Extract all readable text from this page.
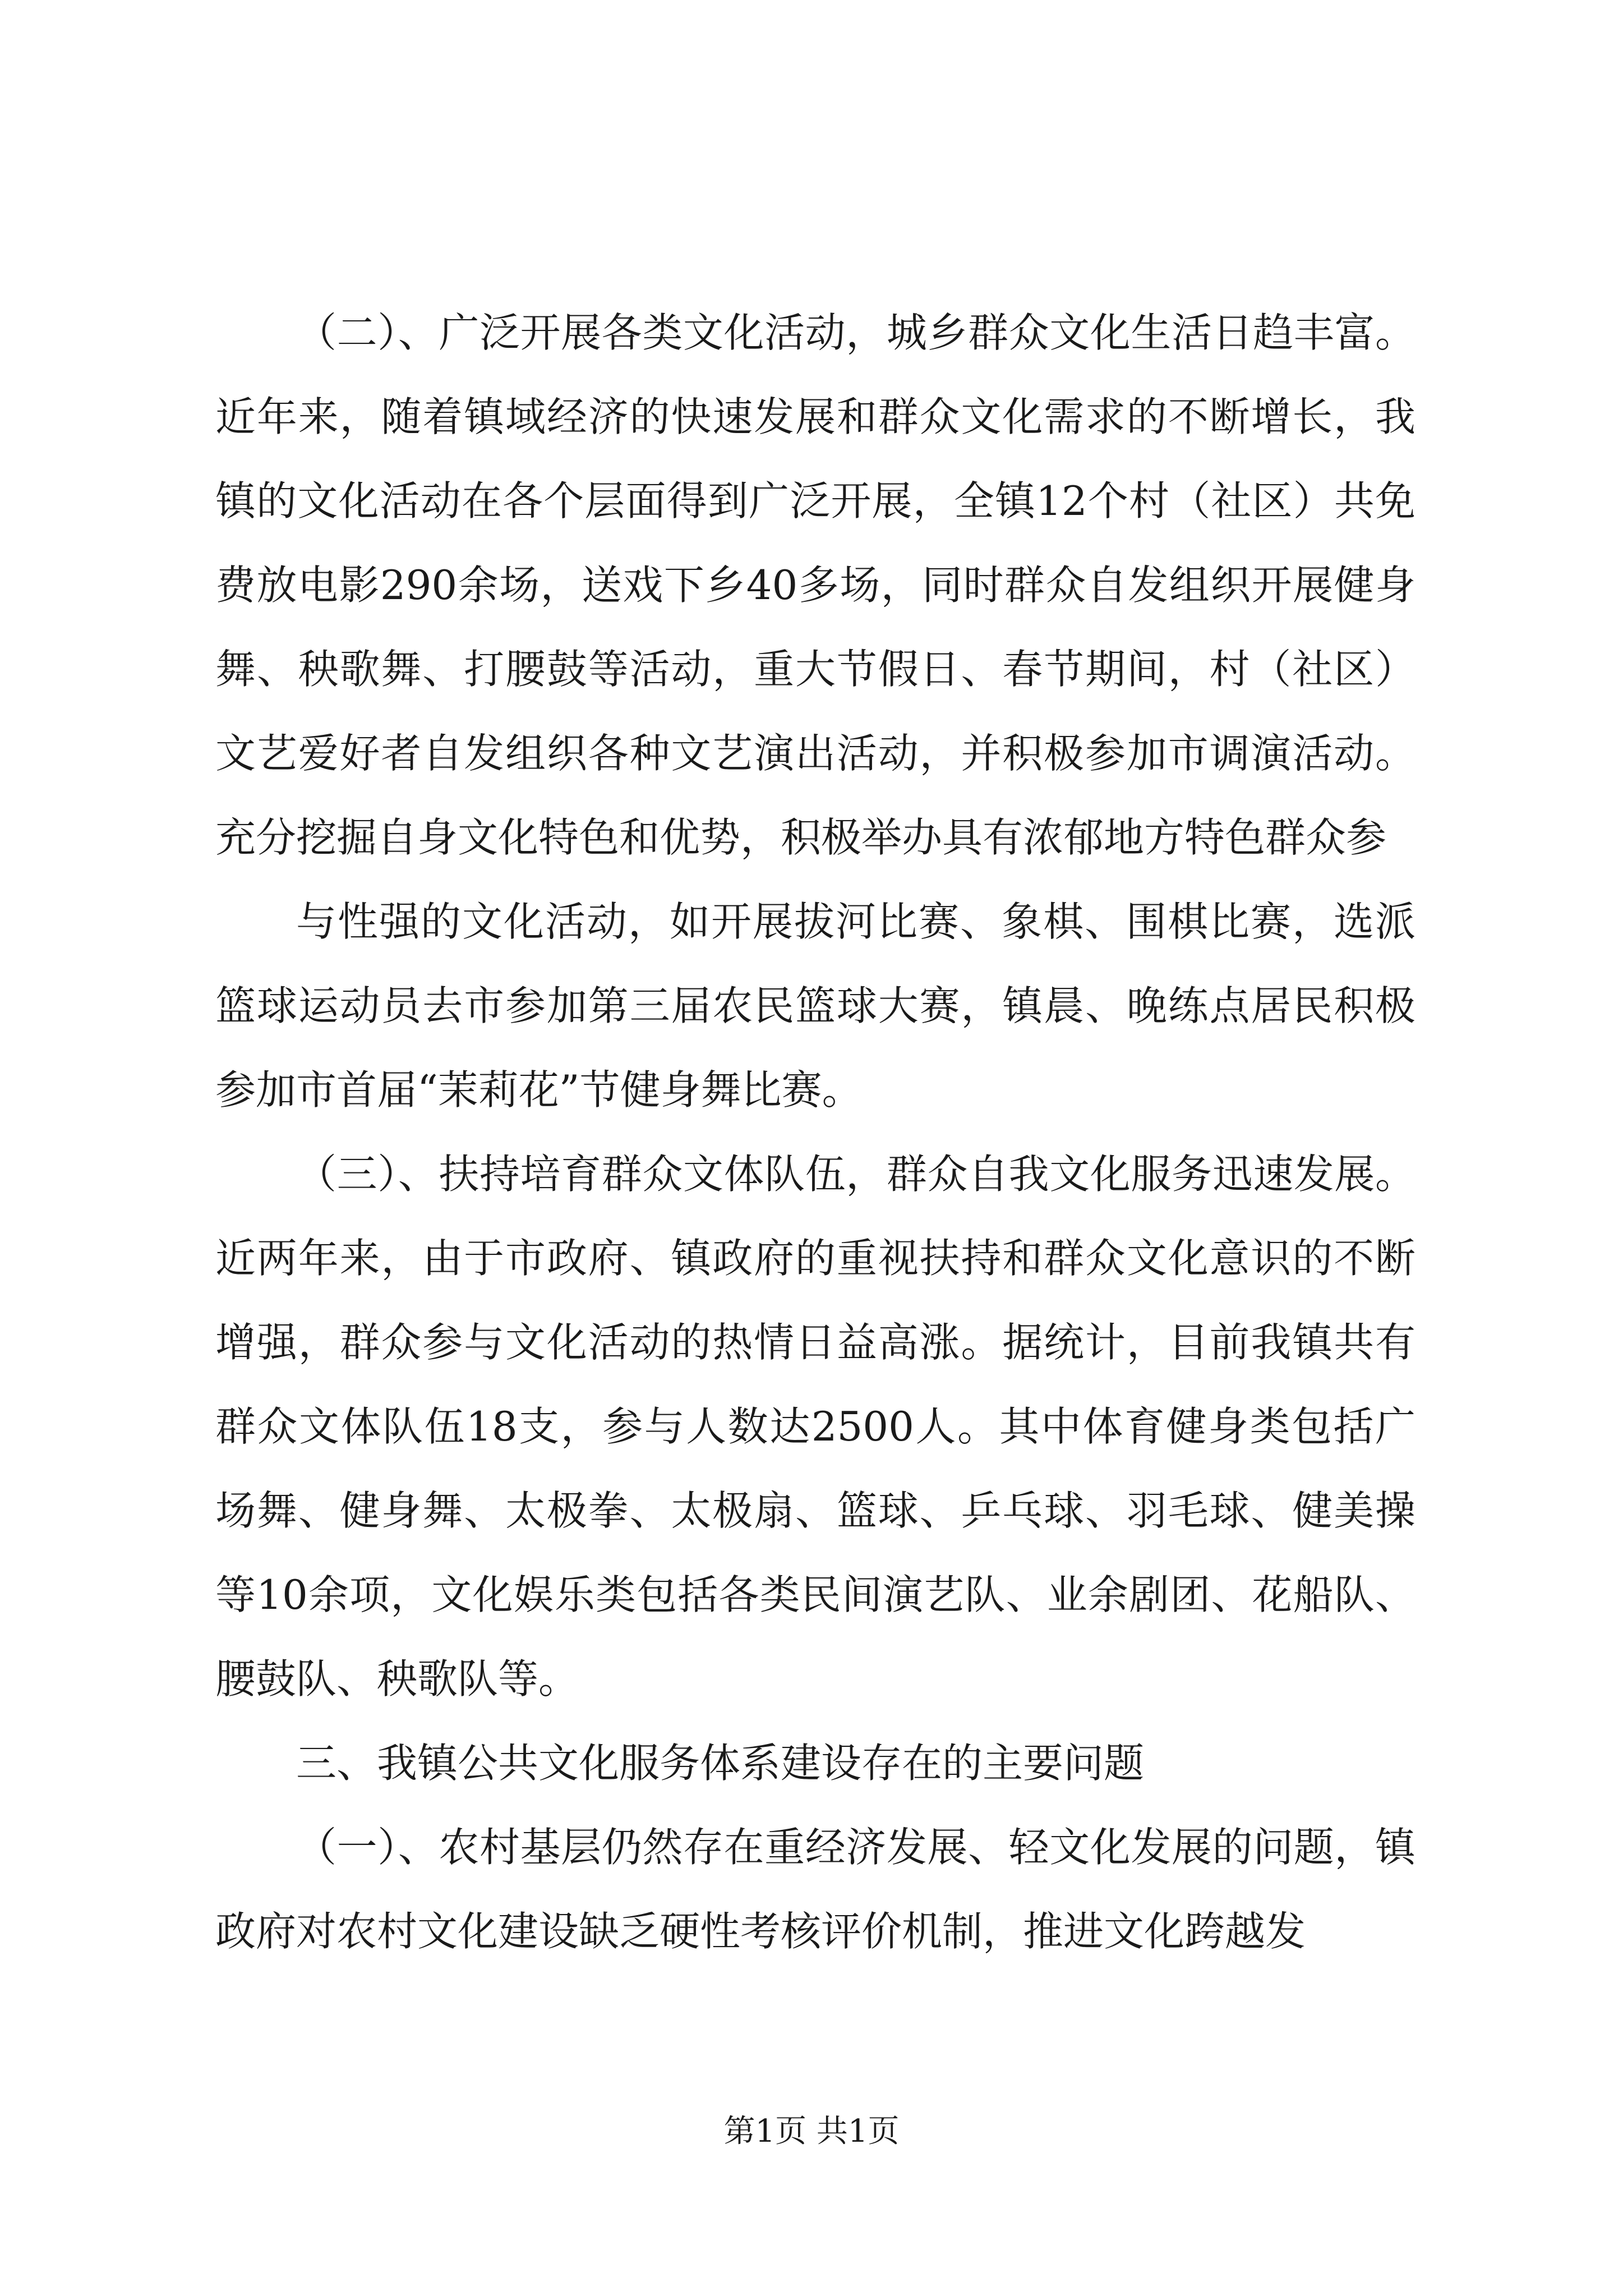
（二）、广泛开展各类文化活动，城乡群众文化生活日趋丰富。近年来，随着镇域经济的快速发展和群众文化需求的不断增长，我镇的文化活动在各个层面得到广泛开展，全镇12个村（社区）共免费放电影290余场，送戏下乡40多场，同时群众自发组织开展健身舞、秧歌舞、打腰鼓等活动，重大节假日、春节期间，村（社区）文艺爱好者自发组织各种文艺演出活动，并积极参加市调演活动。充分挖掘自身文化特色和优势，积极举办具有浓郁地方特色群众参

与性强的文化活动，如开展拔河比赛、象棋、围棋比赛，选派篮球运动员去市参加第三届农民篮球大赛，镇晨、晚练点居民积极参加市首届“茉莉花”节健身舞比赛。

（三）、扶持培育群众文体队伍，群众自我文化服务迅速发展。近两年来，由于市政府、镇政府的重视扶持和群众文化意识的不断增强，群众参与文化活动的热情日益高涨。据统计，目前我镇共有群众文体队伍18支，参与人数达2500人。其中体育健身类包括广场舞、健身舞、太极拳、太极扇、篮球、乒乓球、羽毛球、健美操等10余项，文化娱乐类包括各类民间演艺队、业余剧团、花船队、腰鼓队、秧歌队等。

三、我镇公共文化服务体系建设存在的主要问题

（一）、农村基层仍然存在重经济发展、轻文化发展的问题，镇政府对农村文化建设缺乏硬性考核评价机制，推进文化跨越发

第1页 共1页
